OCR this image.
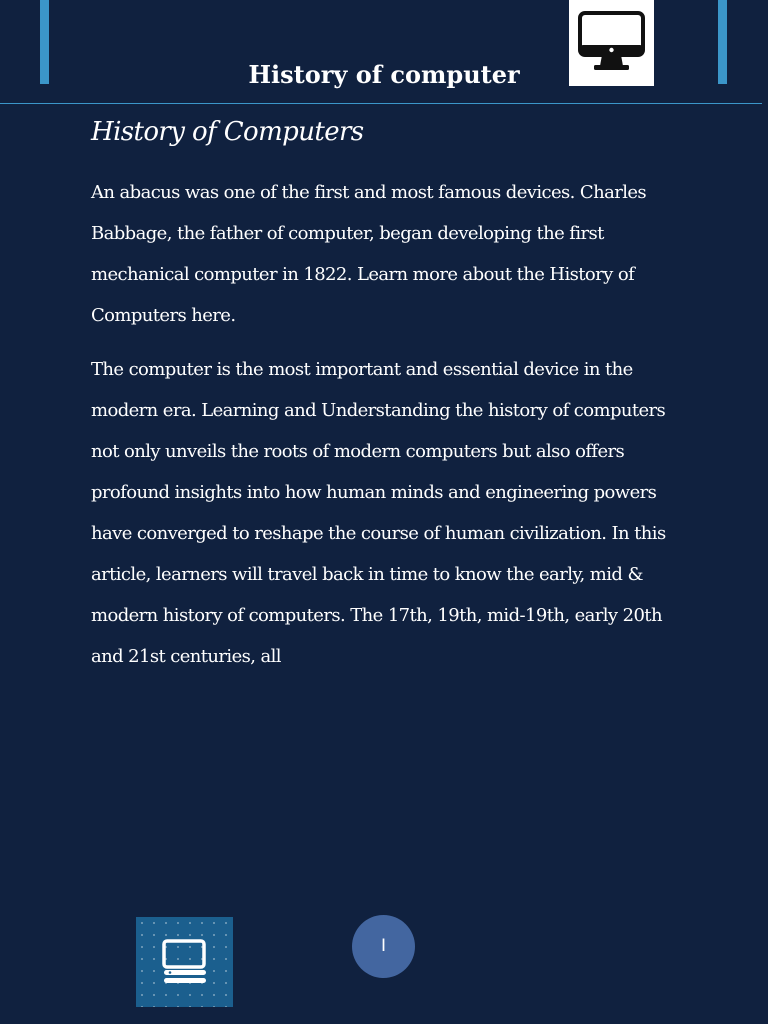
History of computer
History of Computers

An abacus was one of the first and most famous devices. Charles Babbage, the father of computer, began developing the first mechanical computer in 1822. Learn more about the History of Computers here.

The computer is the most important and essential device in the modern era. Learning and Understanding the history of computers not only unveils the roots of modern computers but also offers profound insights into how human minds and engineering powers have converged to reshape the course of human civilization. In this article, learners will travel back in time to know the early, mid & modern history of computers. The 17th, 19th, mid-19th, early 20th and 21st centuries, all

I
